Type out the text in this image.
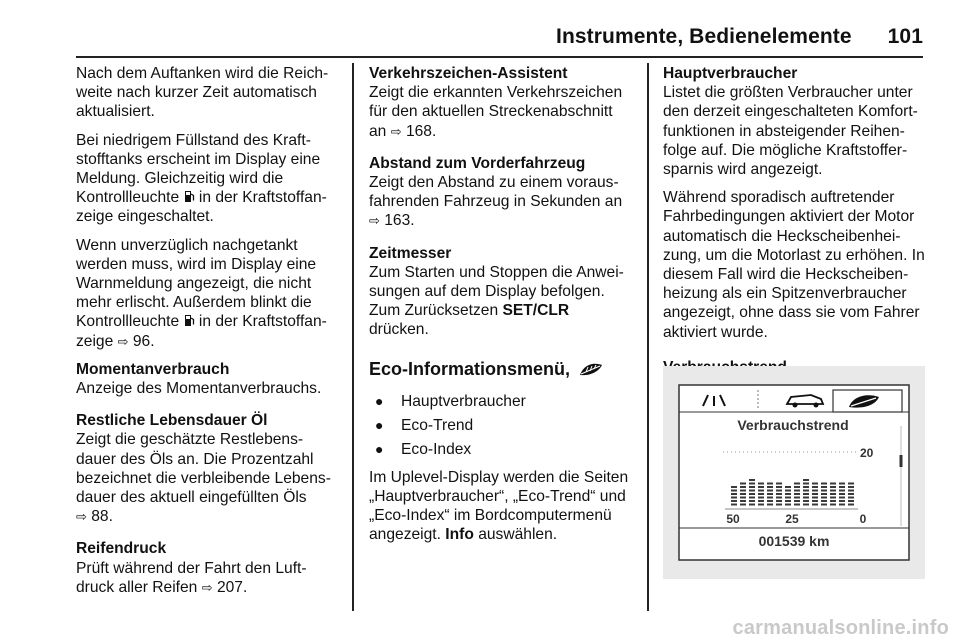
Instrumente, Bedienelemente 101

Nach dem Auftanken wird die Reich-
weite nach kurzer Zeit automatisch
aktualisiert.

Bei niedrigem Füllstand des Kraft-
stofftanks erscheint im Display eine
Meldung. Gleichzeitig wird die
Kontrollleuchte  in der Kraftstoffan-
zeige eingeschaltet.

Wenn unverzüglich nachgetankt
werden muss, wird im Display eine
Warnmeldung angezeigt, die nicht
mehr erlischt. Außerdem blinkt die
Kontrollleuchte  in der Kraftstoffan-
zeige ⇨ 96.

Momentanverbrauch
Anzeige des Momentanverbrauchs.
Restliche Lebensdauer Öl
Zeigt die geschätzte Restlebens-
dauer des Öls an. Die Prozentzahl
bezeichnet die verbleibende Lebens-
dauer des aktuell eingefüllten Öls
⇨ 88.
Reifendruck
Prüft während der Fahrt den Luft-
druck aller Reifen ⇨ 207.
Verkehrszeichen-Assistent
Zeigt die erkannten Verkehrszeichen
für den aktuellen Streckenabschnitt
an ⇨ 168.
Abstand zum Vorderfahrzeug
Zeigt den Abstand zu einem voraus-
fahrenden Fahrzeug in Sekunden an
⇨ 163.
Zeitmesser
Zum Starten und Stoppen die Anwei-
sungen auf dem Display befolgen.
Zum Zurücksetzen SET/CLR
drücken.
Eco-Informationsmenü,
●	Hauptverbraucher
●	Eco-Trend
●	Eco-Index

Im Uplevel-Display werden die Seiten
„Hauptverbraucher“, „Eco-Trend“ und
„Eco-Index“ im Bordcomputermenü
angezeigt. Info auswählen.

Hauptverbraucher

Listet die größten Verbraucher unter
den derzeit eingeschalteten Komfort-
funktionen in absteigender Reihen-
folge auf. Die mögliche Kraftstoffer-
sparnis wird angezeigt.

Während sporadisch auftretender
Fahrbedingungen aktiviert der Motor
automatisch die Heckscheibenhei-
zung, um die Motorlast zu erhöhen. In
diesem Fall wird die Heckscheiben-
heizung als ein Spitzenverbraucher
angezeigt, ohne dass sie vom Fahrer
aktiviert wurde.

Verbrauchstrend
20
50	25	0
001539 km
carmanualsonline.info
